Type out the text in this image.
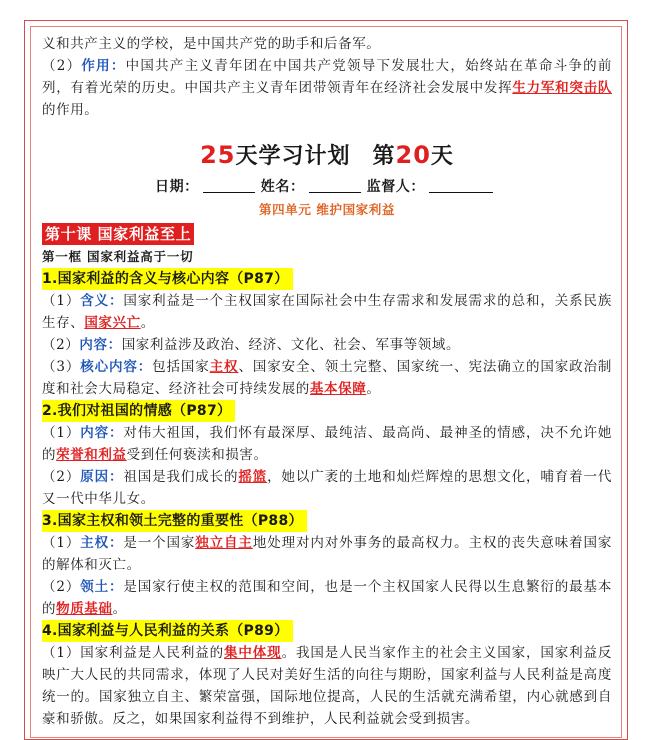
义和共产主义的学校，是中国共产党的助手和后备军。

（2）作用：中国共产主义青年团在中国共产党领导下发展壮大，始终站在革命斗争的前列，有着光荣的历史。中国共产主义青年团带领青年在经济社会发展中发挥生力军和突击队的作用。

25天学习计划 第20天
日期：	姓名：	监督人：
第四单元 维护国家利益
第十课 国家利益至上
第一框 国家利益高于一切
1.国家利益的含义与核心内容（P87）

（1）含义：国家利益是一个主权国家在国际社会中生存需求和发展需求的总和，关系民族生存、国家兴亡。

（2）内容：国家利益涉及政治、经济、文化、社会、军事等领域。

（3）核心内容：包括国家主权、国家安全、领土完整、国家统一、宪法确立的国家政治制度和社会大局稳定、经济社会可持续发展的基本保障。

2.我们对祖国的情感（P87）

（1）内容：对伟大祖国，我们怀有最深厚、最纯洁、最高尚、最神圣的情感，决不允许她的荣誉和利益受到任何亵渎和损害。

（2）原因：祖国是我们成长的摇篮，她以广袤的土地和灿烂辉煌的思想文化，哺育着一代又一代中华儿女。

3.国家主权和领土完整的重要性（P88）

（1）主权：是一个国家独立自主地处理对内对外事务的最高权力。主权的丧失意味着国家的解体和灭亡。

（2）领土：是国家行使主权的范围和空间，也是一个主权国家人民得以生息繁衍的最基本的物质基础。

4.国家利益与人民利益的关系（P89）

（1）国家利益是人民利益的集中体现。我国是人民当家作主的社会主义国家，国家利益反映广大人民的共同需求，体现了人民对美好生活的向往与期盼，国家利益与人民利益是高度统一的。国家独立自主、繁荣富强，国际地位提高，人民的生活就充满希望，内心就感到自豪和骄傲。反之，如果国家利益得不到维护，人民利益就会受到损害。
